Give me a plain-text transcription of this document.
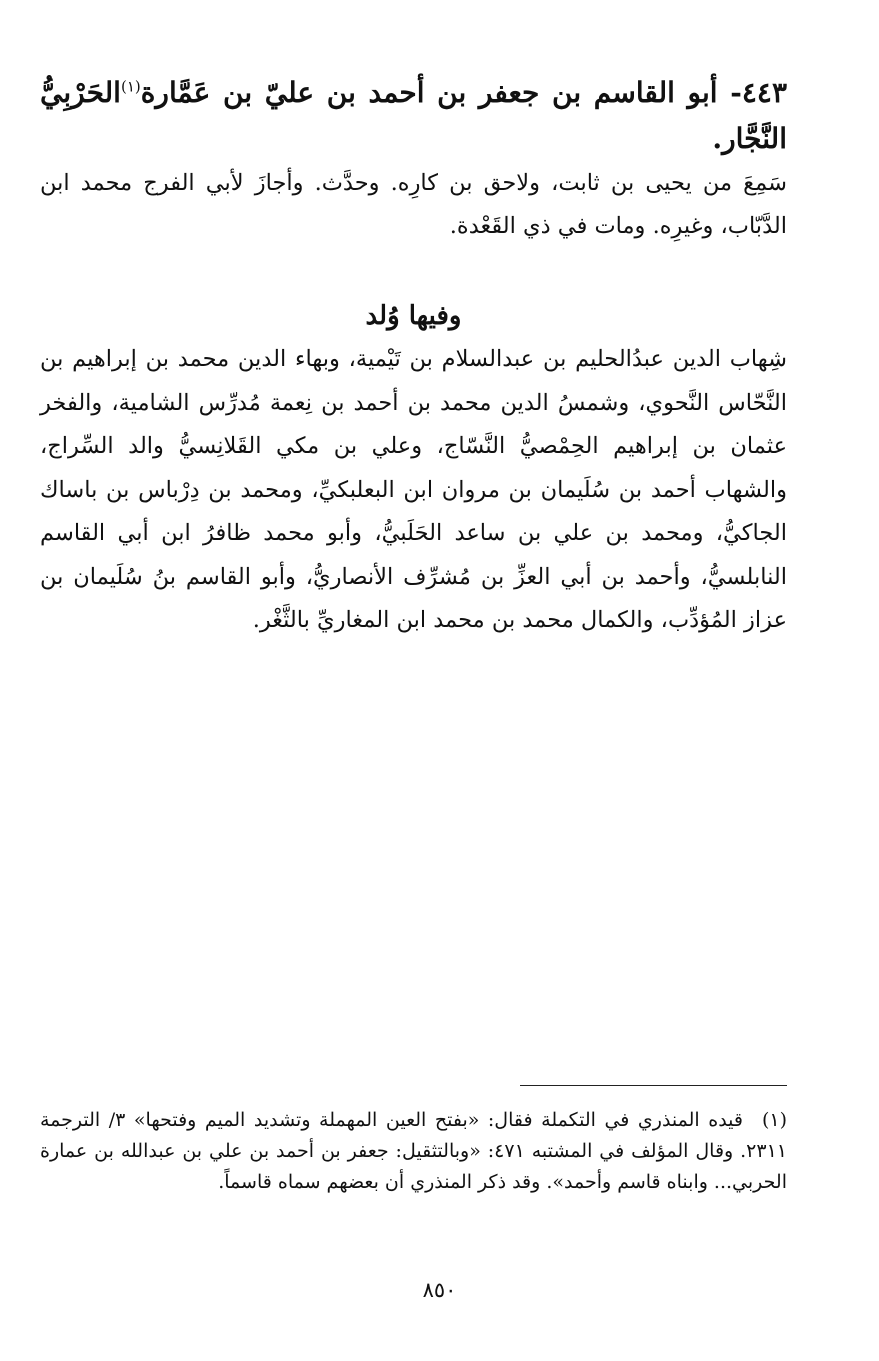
٤٤٣- أبو القاسم بن جعفر بن أحمد بن عليّ بن عَمَّارة$^{(١)}$الحَرْبِيُّ النَّجَّار.

سَمِعَ من يحيى بن ثابت، ولاحق بن كارِه. وحدَّث. وأجازَ لأبي الفرج محمد ابن الدَّبّاب، وغيرِه. ومات في ذي القَعْدة.

وفيها وُلد

شِهاب الدين عبدُالحليم بن عبدالسلام بن تَيْمية، وبهاء الدين محمد بن إبراهيم بن النَّحّاس النَّحوي، وشمسُ الدين محمد بن أحمد بن نِعمة مُدرِّس الشامية، والفخر عثمان بن إبراهيم الحِمْصيُّ النَّسّاج، وعلي بن مكي القَلانِسيُّ والد السِّراج، والشهاب أحمد بن سُلَيمان بن مروان ابن البعلبكيِّ، ومحمد بن دِرْباس بن باساك الجاكيُّ، ومحمد بن علي بن ساعد الحَلَبيُّ، وأبو محمد ظافرُ ابن أبي القاسم النابلسيُّ، وأحمد بن أبي العزِّ بن مُشرِّف الأنصاريُّ، وأبو القاسم بنُ سُلَيمان بن عزاز المُؤدِّب، والكمال محمد بن محمد ابن المغاريِّ بالثَّغْر.

(١)قيده المنذري في التكملة فقال: «بفتح العين المهملة وتشديد الميم وفتحها» ٣/ الترجمة ٢٣١١. وقال المؤلف في المشتبه ٤٧١: «وبالتثقيل: جعفر بن أحمد بن علي بن عبدالله بن عمارة الحربي... وابناه قاسم وأحمد». وقد ذكر المنذري أن بعضهم سماه قاسماً.

٨٥٠
